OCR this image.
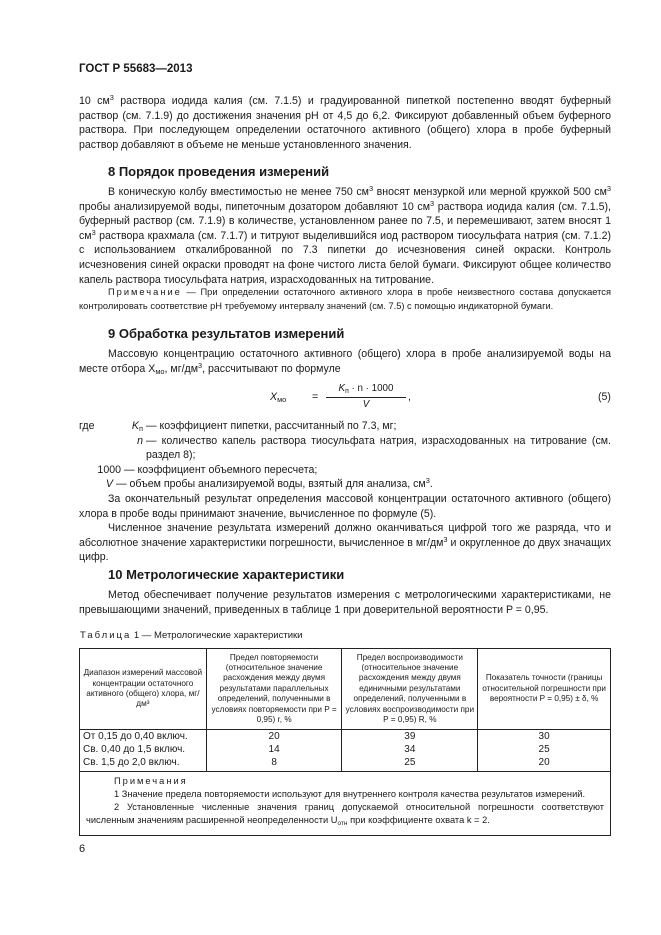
ГОСТ Р 55683—2013

10 $см^3$ раствора иодида калия (см. 7.1.5) и градуированной пипеткой постепенно вводят буферный раствор (см. 7.1.9) до достижения значения pH от 4,5 до 6,2. Фиксируют добавленный объем буферного раствора. При последующем определении остаточного активного (общего) хлора в пробе буферный раствор добавляют в объеме не меньше установленного значения.

8 Порядок проведения измерений

В коническую колбу вместимостью не менее 750 $см^3$ вносят мензуркой или мерной кружкой 500 $см^3$ пробы анализируемой воды, пипеточным дозатором добавляют 10 $см^3$ раствора иодида калия (см. 7.1.5), буферный раствор (см. 7.1.9) в количестве, установленном ранее по 7.5, и перемешивают, затем вносят 1 $см^3$ раствора крахмала (см. 7.1.7) и титруют выделившийся иод раствором тиосульфата натрия (см. 7.1.2) с использованием откалиброванной по 7.3 пипетки до исчезновения синей окраски. Контроль исчезновения синей окраски проводят на фоне чистого листа белой бумаги. Фиксируют общее количество капель раствора тиосульфата натрия, израсходованных на титрование.

Примечание — При определении остаточного активного хлора в пробе неизвестного состава допускается контролировать соответствие pH требуемому интервалу значений (см. 7.5) с помощью индикаторной бумаги.

9 Обработка результатов измерений

Массовую концентрацию остаточного активного (общего) хлора в пробе анализируемой воды на месте отбора $Х_{мо}$, $мг/дм^3$, рассчитывают по формуле

$X_{мо}$ =
$K_п \cdot n \cdot 1000$
V
,	(5)
где	$K_п$ — коэффициент пипетки, рассчитанный по 7.3, мг;
n — количество капель раствора тиосульфата натрия, израсходованных на титрование (см. раздел 8);
1000 — коэффициент объемного пересчета;
V — объем пробы анализируемой воды, взятый для анализа, $см^3$.

За окончательный результат определения массовой концентрации остаточного активного (общего) хлора в пробе воды принимают значение, вычисленное по формуле (5).

Численное значение результата измерений должно оканчиваться цифрой того же разряда, что и абсолютное значение характеристики погрешности, вычисленное в $мг/дм^3$ и округленное до двух значащих цифр.

10 Метрологические характеристики

Метод обеспечивает получение результатов измерения с метрологическими характеристиками, не превышающими значений, приведенных в таблице 1 при доверительной вероятности P = 0,95.

Таблица 1 — Метрологические характеристики
Диапазон измерений массовой концентрации остаточного активного (общего) хлора, мг/дм³	Предел повторяемости (относительное значение расхождения между двумя результатами параллельных определений, полученными в условиях повторяемости при P = 0,95) r, %	Предел воспроизводимости (относительное значение расхождения между двумя единичными результатами определений, полученными в условиях воспроизводимости при P = 0,95) R, %	Показатель точности (границы относительной погрешности при вероятности P = 0,95) ± δ, %
От 0,15 до 0,40 включ.	20	39	30
Св. 0,40 до 1,5 включ.	14	34	25
Св. 1,5 до 2,0 включ.	8	25	20

Примечания
1 Значение предела повторяемости используют для внутреннего контроля качества результатов измерений.
2 Установленные численные значения границ допускаемой относительной погрешности соответствуют численным значениям расширенной неопределенности $U_{отн}$ при коэффициенте охвата k = 2.			
6
